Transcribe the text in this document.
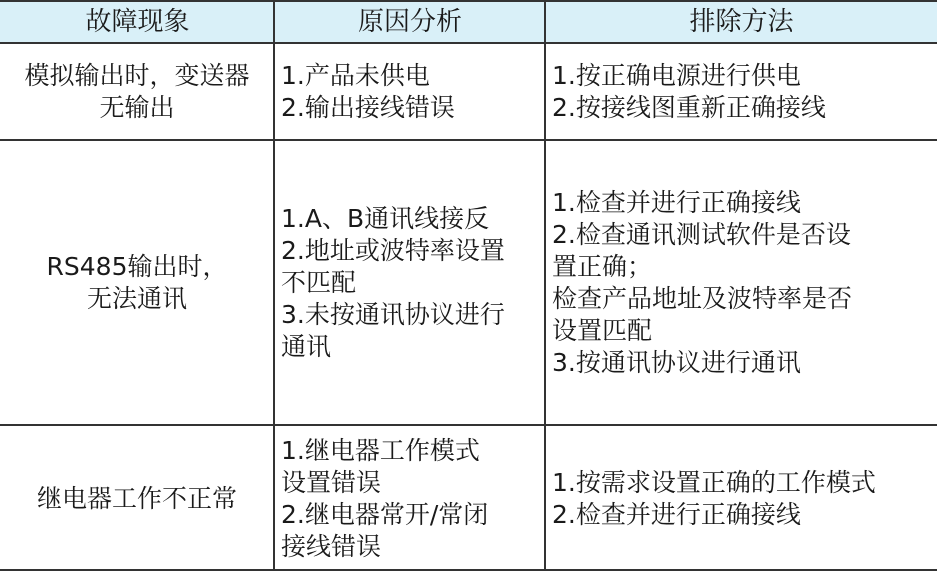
故障现象	原因分析	排除方法
模拟输出时，变送器
无输出
1.产品未供电
2.输出接线错误
1.按正确电源进行供电
2.按接线图重新正确接线
RS485输出时，
无法通讯
1.A、B通讯线接反
2.地址或波特率设置
不匹配
3.未按通讯协议进行
通讯
1.检查并进行正确接线
2.检查通讯测试软件是否设
置正确；
检查产品地址及波特率是否
设置匹配
3.按通讯协议进行通讯
继电器工作不正常
1.继电器工作模式
设置错误
2.继电器常开/常闭
接线错误
1.按需求设置正确的工作模式
2.检查并进行正确接线
